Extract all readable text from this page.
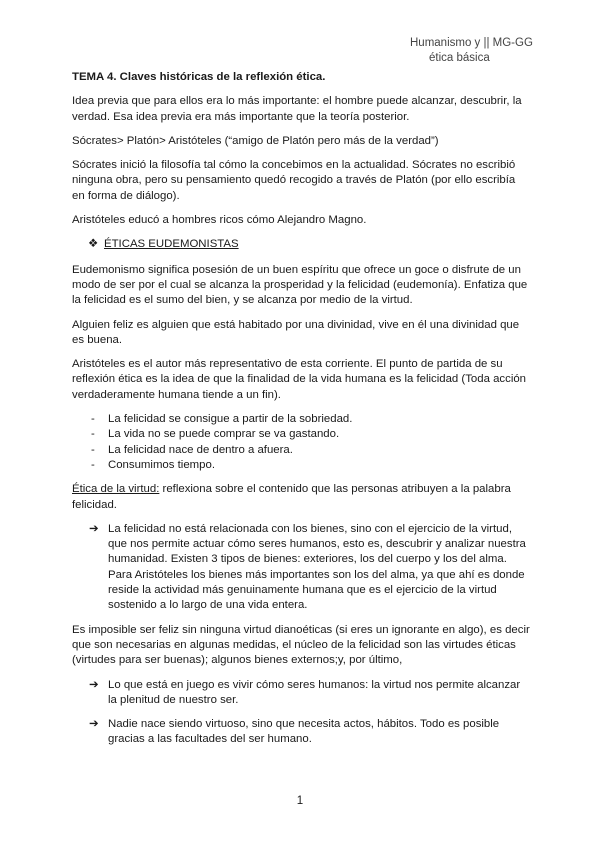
Humanismo y || MG-GG
ética básica

TEMA 4. Claves históricas de la reflexión ética.

Idea previa que para ellos era lo más importante: el hombre puede alcanzar, descubrir, la verdad. Esa idea previa era más importante que la teoría posterior.

Sócrates> Platón> Aristóteles (“amigo de Platón pero más de la verdad”)

Sócrates inició la filosofía tal cómo la concebimos en la actualidad. Sócrates no escribió ninguna obra, pero su pensamiento quedó recogido a través de Platón (por ello escribía en forma de diálogo).

Aristóteles educó a hombres ricos cómo Alejandro Magno.

❖ ÉTICAS EUDEMONISTAS

Eudemonismo significa posesión de un buen espíritu que ofrece un goce o disfrute de un modo de ser por el cual se alcanza la prosperidad y la felicidad (eudemonía). Enfatiza que la felicidad es el sumo del bien, y se alcanza por medio de la virtud.

Alguien feliz es alguien que está habitado por una divinidad, vive en él una divinidad que es buena.

Aristóteles es el autor más representativo de esta corriente. El punto de partida de su reflexión ética es la idea de que la finalidad de la vida humana es la felicidad (Toda acción verdaderamente humana tiende a un fin).

- La felicidad se consigue a partir de la sobriedad.
- La vida no se puede comprar se va gastando.
- La felicidad nace de dentro a afuera.
- Consumimos tiempo.

Ética de la virtud: reflexiona sobre el contenido que las personas atribuyen a la palabra felicidad.

➔ La felicidad no está relacionada con los bienes, sino con el ejercicio de la virtud, que nos permite actuar cómo seres humanos, esto es, descubrir y analizar nuestra humanidad. Existen 3 tipos de bienes: exteriores, los del cuerpo y los del alma. Para Aristóteles los bienes más importantes son los del alma, ya que ahí es donde reside la actividad más genuinamente humana que es el ejercicio de la virtud sostenido a lo largo de una vida entera.

Es imposible ser feliz sin ninguna virtud dianoéticas (si eres un ignorante en algo), es decir que son necesarias en algunas medidas, el núcleo de la felicidad son las virtudes éticas (virtudes para ser buenas); algunos bienes externos;y, por último,

➔ Lo que está en juego es vivir cómo seres humanos: la virtud nos permite alcanzar la plenitud de nuestro ser.
➔ Nadie nace siendo virtuoso, sino que necesita actos, hábitos. Todo es posible gracias a las facultades del ser humano.
1
